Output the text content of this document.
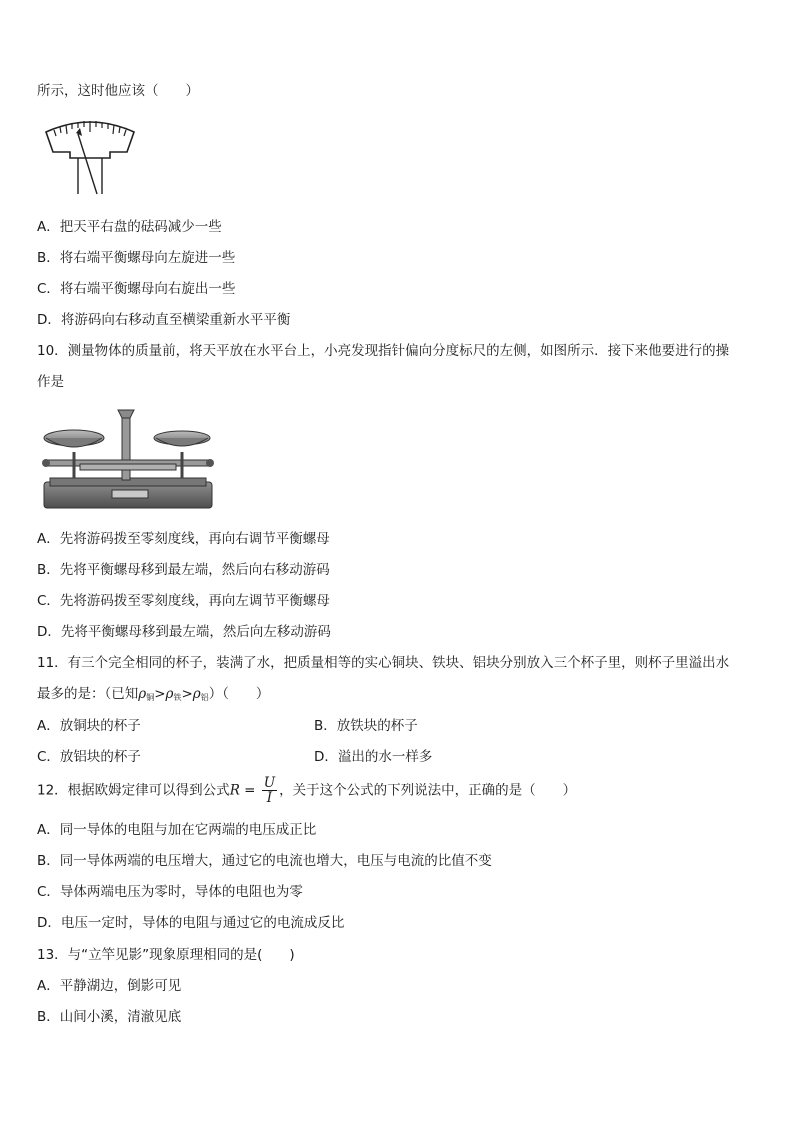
所示，这时他应该（　　）
A．把天平右盘的砝码减少一些
B．将右端平衡螺母向左旋进一些
C．将右端平衡螺母向右旋出一些
D．将游码向右移动直至横梁重新水平平衡
10．测量物体的质量前，将天平放在水平台上，小亮发现指针偏向分度标尺的左侧，如图所示．接下来他要进行的操
作是
A．先将游码拨至零刻度线，再向右调节平衡螺母
B．先将平衡螺母移到最左端，然后向右移动游码
C．先将游码拨至零刻度线，再向左调节平衡螺母
D．先将平衡螺母移到最左端，然后向左移动游码
11．有三个完全相同的杯子，装满了水，把质量相等的实心铜块、铁块、铝块分别放入三个杯子里，则杯子里溢出水
最多的是：（已知$\rho_铜>\rho_铁>\rho_铝$）（　　）
A．放铜块的杯子	B．放铁块的杯子
C．放铝块的杯子	D．溢出的水一样多
12．根据欧姆定律可以得到公式$R = \frac{U}{I}$ ，关于这个公式的下列说法中，正确的是（　　）
A．同一导体的电阻与加在它两端的电压成正比
B．同一导体两端的电压增大，通过它的电流也增大，电压与电流的比值不变
C．导体两端电压为零时，导体的电阻也为零
D．电压一定时，导体的电阻与通过它的电流成反比
13．与“立竿见影”现象原理相同的是(　　)
A．平静湖边，倒影可见
B．山间小溪，清澈见底
